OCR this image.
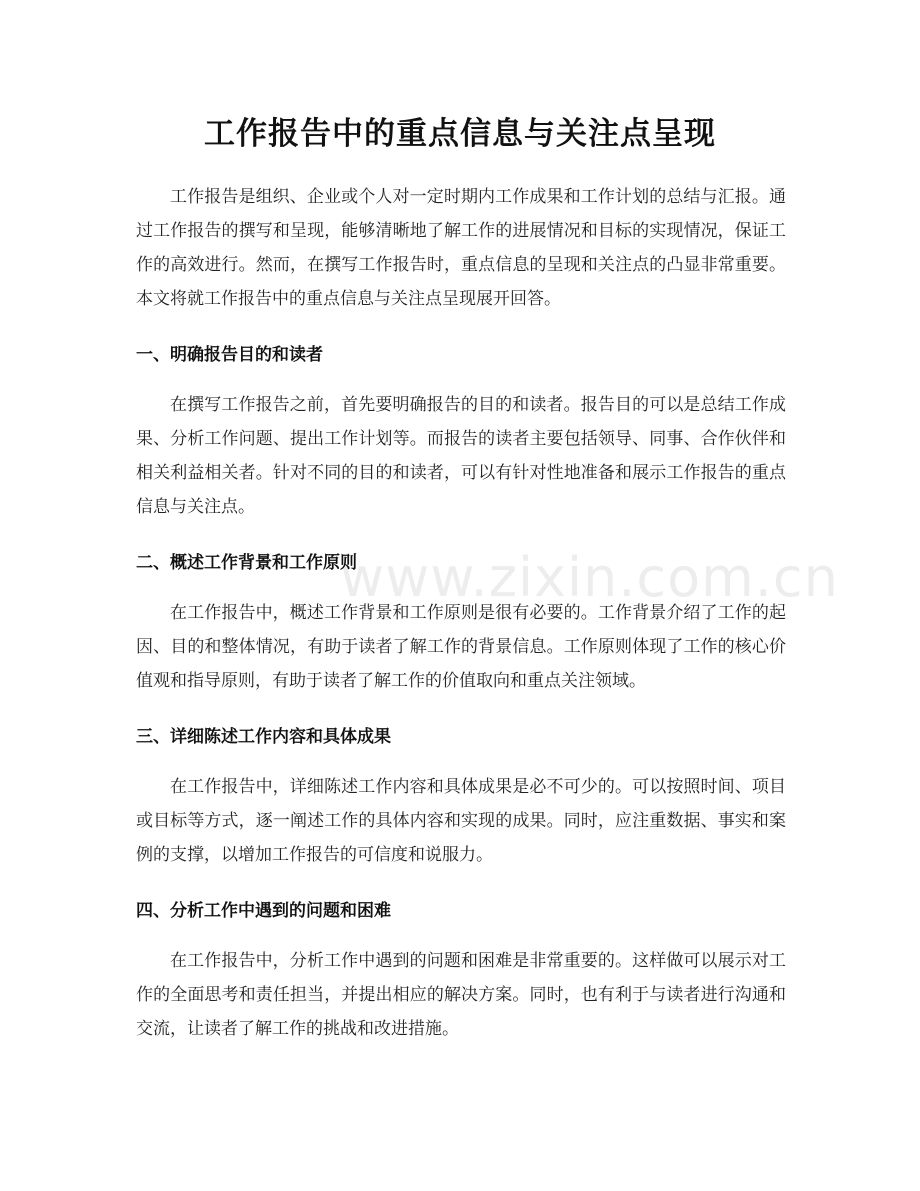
工作报告中的重点信息与关注点呈现

工作报告是组织、企业或个人对一定时期内工作成果和工作计划的总结与汇报。通过工作报告的撰写和呈现，能够清晰地了解工作的进展情况和目标的实现情况，保证工作的高效进行。然而，在撰写工作报告时，重点信息的呈现和关注点的凸显非常重要。本文将就工作报告中的重点信息与关注点呈现展开回答。

一、明确报告目的和读者

在撰写工作报告之前，首先要明确报告的目的和读者。报告目的可以是总结工作成果、分析工作问题、提出工作计划等。而报告的读者主要包括领导、同事、合作伙伴和相关利益相关者。针对不同的目的和读者，可以有针对性地准备和展示工作报告的重点信息与关注点。

二、概述工作背景和工作原则

在工作报告中，概述工作背景和工作原则是很有必要的。工作背景介绍了工作的起因、目的和整体情况，有助于读者了解工作的背景信息。工作原则体现了工作的核心价值观和指导原则，有助于读者了解工作的价值取向和重点关注领域。

三、详细陈述工作内容和具体成果

在工作报告中，详细陈述工作内容和具体成果是必不可少的。可以按照时间、项目或目标等方式，逐一阐述工作的具体内容和实现的成果。同时，应注重数据、事实和案例的支撑，以增加工作报告的可信度和说服力。

四、分析工作中遇到的问题和困难

在工作报告中，分析工作中遇到的问题和困难是非常重要的。这样做可以展示对工作的全面思考和责任担当，并提出相应的解决方案。同时，也有利于与读者进行沟通和交流，让读者了解工作的挑战和改进措施。

www.zixin.com.cn
